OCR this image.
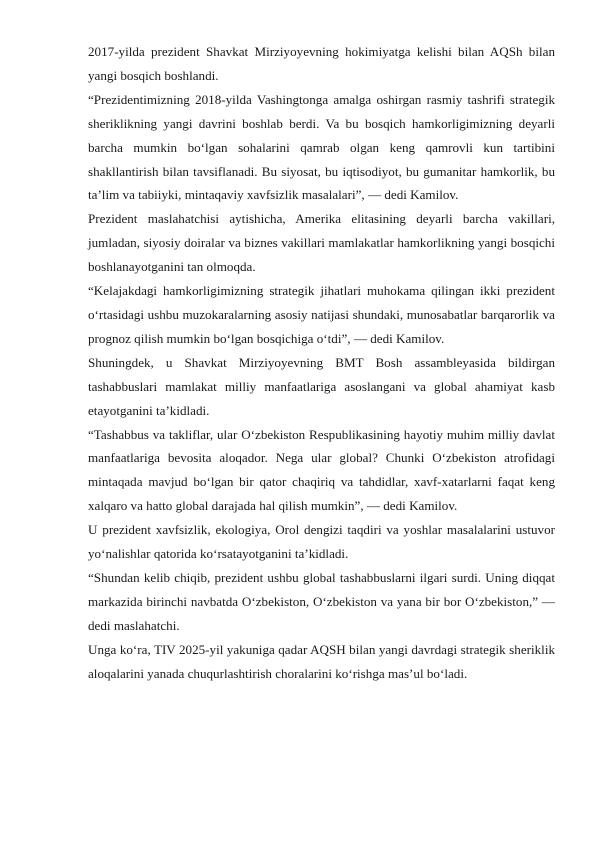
2017-yilda prezident Shavkat Mirziyoyevning hokimiyatga kelishi bilan AQSh bilan yangi bosqich boshlandi.

“Prezidentimizning 2018-yilda Vashingtonga amalga oshirgan rasmiy tashrifi strategik sheriklikning yangi davrini boshlab berdi. Va bu bosqich hamkorligimizning deyarli barcha mumkin bo‘lgan sohalarini qamrab olgan keng qamrovli kun tartibini shakllantirish bilan tavsiflanadi. Bu siyosat, bu iqtisodiyot, bu gumanitar hamkorlik, bu ta’lim va tabiiyki, mintaqaviy xavfsizlik masalalari”, — dedi Kamilov.

Prezident maslahatchisi aytishicha, Amerika elitasining deyarli barcha vakillari, jumladan, siyosiy doiralar va biznes vakillari mamlakatlar hamkorlikning yangi bosqichi boshlanayotganini tan olmoqda.

“Kelajakdagi hamkorligimizning strategik jihatlari muhokama qilingan ikki prezident o‘rtasidagi ushbu muzokaralarning asosiy natijasi shundaki, munosabatlar barqarorlik va prognoz qilish mumkin bo‘lgan bosqichiga o‘tdi”, — dedi Kamilov.

Shuningdek, u Shavkat Mirziyoyevning BMT Bosh assambleyasida bildirgan tashabbuslari mamlakat milliy manfaatlariga asoslangani va global ahamiyat kasb etayotganini ta’kidladi.

“Tashabbus va takliflar, ular O‘zbekiston Respublikasining hayotiy muhim milliy davlat manfaatlariga bevosita aloqador. Nega ular global? Chunki O‘zbekiston atrofidagi mintaqada mavjud bo‘lgan bir qator chaqiriq va tahdidlar, xavf-xatarlarni faqat keng xalqaro va hatto global darajada hal qilish mumkin”, — dedi Kamilov.

U prezident xavfsizlik, ekologiya, Orol dengizi taqdiri va yoshlar masalalarini ustuvor yo‘nalishlar qatorida ko‘rsatayotganini ta’kidladi.

“Shundan kelib chiqib, prezident ushbu global tashabbuslarni ilgari surdi. Uning diqqat markazida birinchi navbatda O‘zbekiston, O‘zbekiston va yana bir bor O‘zbekiston,” — dedi maslahatchi.

Unga ko‘ra, TIV 2025-yil yakuniga qadar AQSH bilan yangi davrdagi strategik sheriklik aloqalarini yanada chuqurlashtirish choralarini ko‘rishga mas’ul bo‘ladi.
